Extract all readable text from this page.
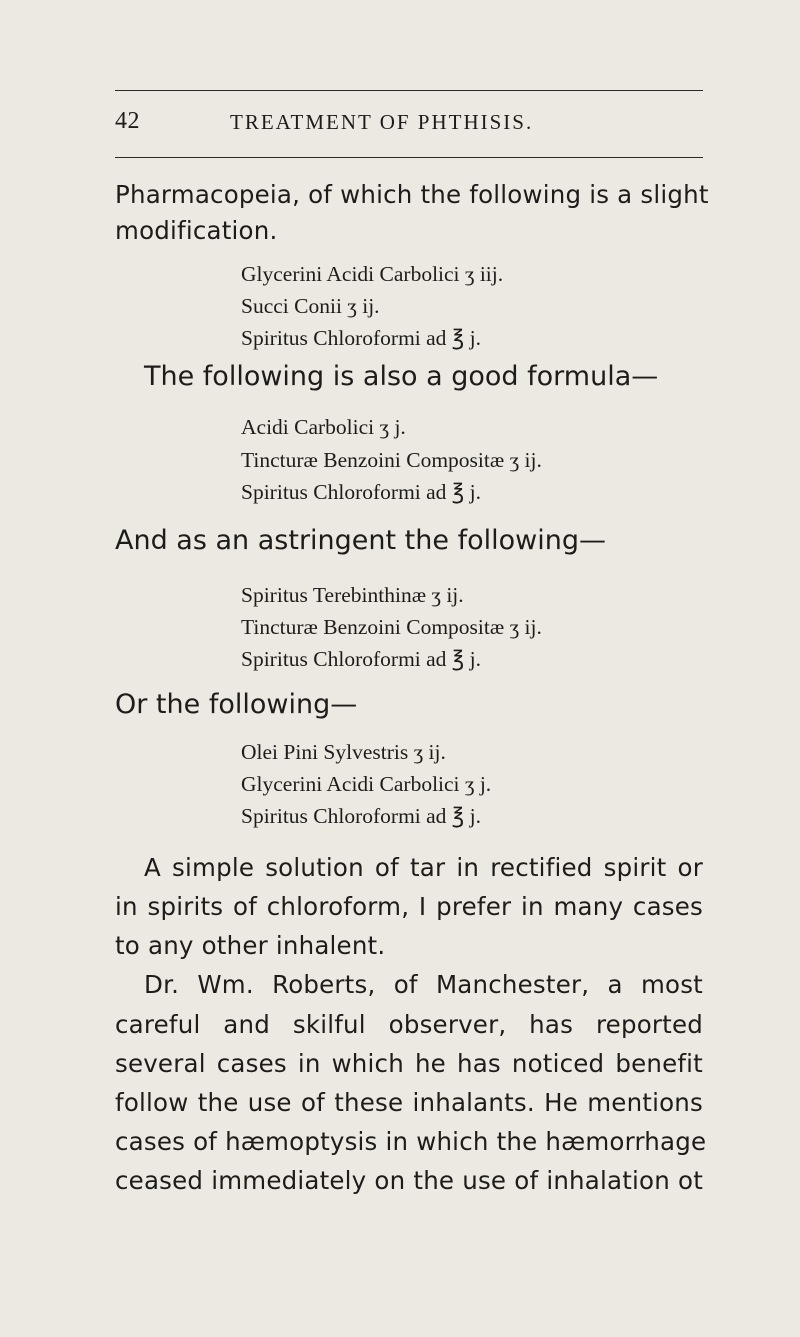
42	TREATMENT OF PHTHISIS.
Pharmacopeia, of which the following is a slight
modification.
Glycerini Acidi Carbolici ʒ iij.
Succi Conii ʒ ij.
Spiritus Chloroformi ad ℥ j.
The following is also a good formula—
Acidi Carbolici ʒ j.
Tincturæ Benzoini Compositæ ʒ ij.
Spiritus Chloroformi ad ℥ j.
And as an astringent the following—
Spiritus Terebinthinæ ʒ ij.
Tincturæ Benzoini Compositæ ʒ ij.
Spiritus Chloroformi ad ℥ j.
Or the following—
Olei Pini Sylvestris ʒ ij.
Glycerini Acidi Carbolici ʒ j.
Spiritus Chloroformi ad ℥ j.
A simple solution of tar in rectified spirit or
in spirits of chloroform, I prefer in many cases
to any other inhalent.
Dr. Wm. Roberts, of Manchester, a most
careful and skilful observer, has reported
several cases in which he has noticed benefit
follow the use of these inhalants. He mentions
cases of hæmoptysis in which the hæmorrhage
ceased immediately on the use of inhalation ot
